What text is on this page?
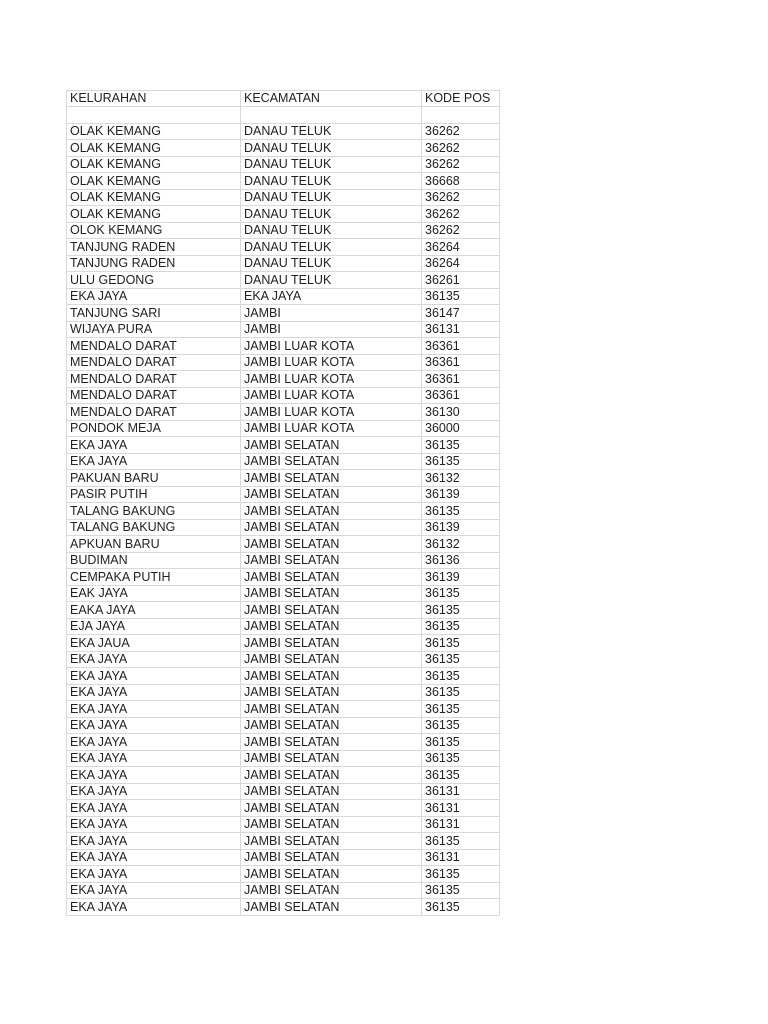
KELURAHAN	KECAMATAN	KODE POS

OLAK KEMANG	DANAU TELUK	36262
OLAK KEMANG	DANAU TELUK	36262
OLAK KEMANG	DANAU TELUK	36262
OLAK KEMANG	DANAU TELUK	36668
OLAK KEMANG	DANAU TELUK	36262
OLAK KEMANG	DANAU TELUK	36262
OLOK KEMANG	DANAU TELUK	36262
TANJUNG RADEN	DANAU TELUK	36264
TANJUNG RADEN	DANAU TELUK	36264
ULU GEDONG	DANAU TELUK	36261
EKA JAYA	EKA JAYA	36135
TANJUNG SARI	JAMBI	36147
WIJAYA PURA	JAMBI	36131
MENDALO DARAT	JAMBI LUAR KOTA	36361
MENDALO DARAT	JAMBI LUAR KOTA	36361
MENDALO DARAT	JAMBI LUAR KOTA	36361
MENDALO DARAT	JAMBI LUAR KOTA	36361
MENDALO DARAT	JAMBI LUAR KOTA	36130
PONDOK MEJA	JAMBI LUAR KOTA	36000
EKA JAYA	JAMBI SELATAN	36135
EKA JAYA	JAMBI SELATAN	36135
PAKUAN BARU	JAMBI SELATAN	36132
PASIR PUTIH	JAMBI SELATAN	36139
TALANG BAKUNG	JAMBI SELATAN	36135
TALANG BAKUNG	JAMBI SELATAN	36139
APKUAN BARU	JAMBI SELATAN	36132
BUDIMAN	JAMBI SELATAN	36136
CEMPAKA PUTIH	JAMBI SELATAN	36139
EAK JAYA	JAMBI SELATAN	36135
EAKA JAYA	JAMBI SELATAN	36135
EJA JAYA	JAMBI SELATAN	36135
EKA JAUA	JAMBI SELATAN	36135
EKA JAYA	JAMBI SELATAN	36135
EKA JAYA	JAMBI SELATAN	36135
EKA JAYA	JAMBI SELATAN	36135
EKA JAYA	JAMBI SELATAN	36135
EKA JAYA	JAMBI SELATAN	36135
EKA JAYA	JAMBI SELATAN	36135
EKA JAYA	JAMBI SELATAN	36135
EKA JAYA	JAMBI SELATAN	36135
EKA JAYA	JAMBI SELATAN	36131
EKA JAYA	JAMBI SELATAN	36131
EKA JAYA	JAMBI SELATAN	36131
EKA JAYA	JAMBI SELATAN	36135
EKA JAYA	JAMBI SELATAN	36131
EKA JAYA	JAMBI SELATAN	36135
EKA JAYA	JAMBI SELATAN	36135
EKA JAYA	JAMBI SELATAN	36135
